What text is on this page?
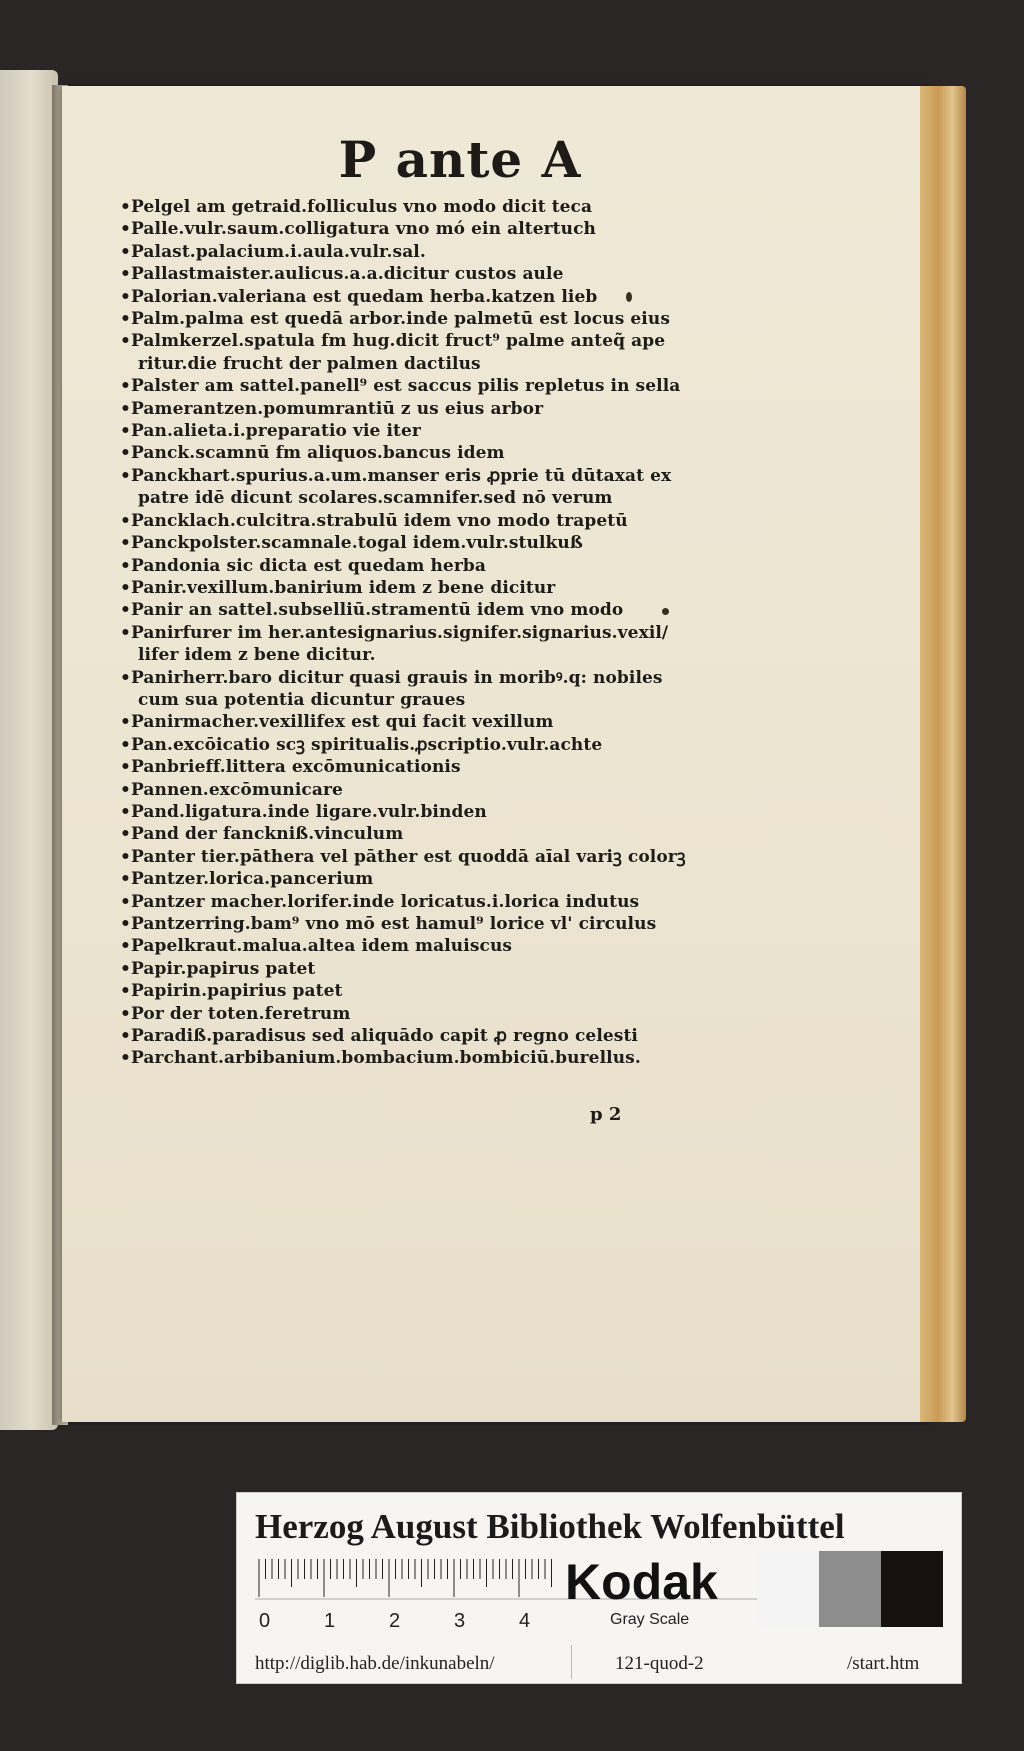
P ante A
•Pelgel am getraid.folliculus vno modo dicit teca
•Palle.vulr.saum.colligatura vno mó ein altertuch
•Palast.palacium.i.aula.vulr.sal.
•Pallastmaister.aulicus.a.a.dicitur custos aule
•Palorian.valeriana est quedam herba.katzen lieb
•Palm.palma est quedā arbor.inde palmetū est locus eius
•Palmkerzel.spatula fm hug.dicit fruct⁹ palme anteq̃ ape
ritur.die frucht der palmen dactilus
•Palster am sattel.panell⁹ est saccus pilis repletus in sella
•Pamerantzen.pomumrantiū z us eius arbor
•Pan.alieta.i.preparatio vie iter
•Panck.scamnū fm aliquos.bancus idem
•Panckhart.spurius.a.um.manser eris ꝓprie tū dūtaxat ex
patre idē dicunt scolares.scamnifer.sed nō verum
•Pancklach.culcitra.strabulū idem vno modo trapetū
•Panckpolster.scamnale.togal idem.vulr.stulkuß
•Pandonia sic dicta est quedam herba
•Panir.vexillum.banirium idem z bene dicitur
•Panir an sattel.subselliū.stramentū idem vno modo
•Panirfurer im her.antesignarius.signifer.signarius.vexil/
lifer idem z bene dicitur.
•Panirherr.baro dicitur quasi grauis in moribꝰ.q: nobiles
cum sua potentia dicuntur graues
•Panirmacher.vexillifex est qui facit vexillum
•Pan.excōicatio scꝫ spiritualis.ꝓscriptio.vulr.achte
•Panbrieff.littera excōmunicationis
•Pannen.excōmunicare
•Pand.ligatura.inde ligare.vulr.binden
•Pand der fanckniß.vinculum
•Panter tier.pāthera vel pāther est quoddā aīal variꝫ colorꝫ
•Pantzer.lorica.pancerium
•Pantzer macher.lorifer.inde loricatus.i.lorica indutus
•Pantzerring.bam⁹ vno mō est hamul⁹ lorice vl' circulus
•Papelkraut.malua.altea idem maluiscus
•Papir.papirus patet
•Papirin.papirius patet
•Por der toten.feretrum
•Paradiß.paradisus sed aliquādo capit ꝓ regno celesti
•Parchant.arbibanium.bombacium.bombiciū.burellus.
p 2
Herzog August Bibliothek Wolfenbüttel
0	1	2	3	4
Kodak
Gray Scale
http://diglib.hab.de/inkunabeln/	121-quod-2	/start.htm
